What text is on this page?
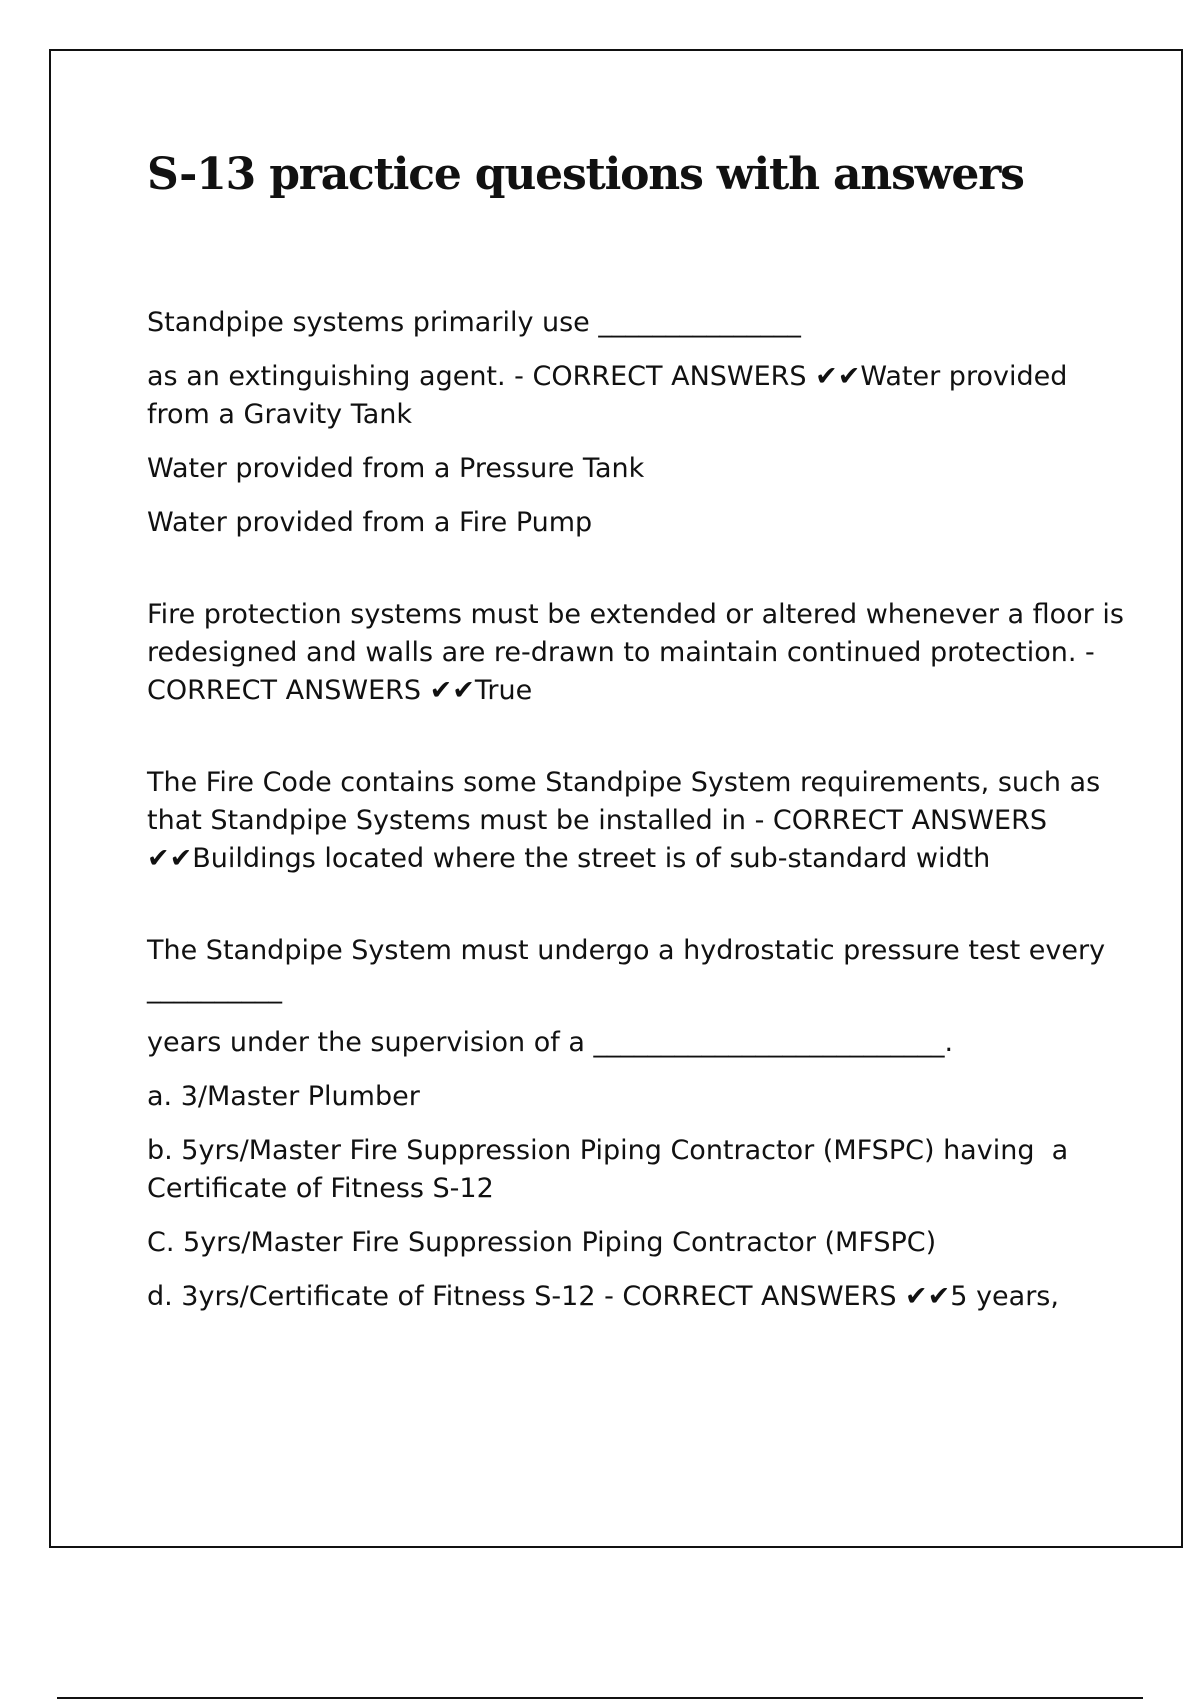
S-13 practice questions with answers

Standpipe systems primarily use _______________

as an extinguishing agent. - CORRECT ANSWERS ✔✔Water provided from a Gravity Tank

Water provided from a Pressure Tank

Water provided from a Fire Pump

Fire protection systems must be extended or altered whenever a floor is redesigned and walls are re-drawn to maintain continued protection. - CORRECT ANSWERS ✔✔True

The Fire Code contains some Standpipe System requirements, such as that Standpipe Systems must be installed in - CORRECT ANSWERS ✔✔Buildings located where the street is of sub-standard width

The Standpipe System must undergo a hydrostatic pressure test every __________

years under the supervision of a __________________________.

a. 3/Master Plumber

b. 5yrs/Master Fire Suppression Piping Contractor (MFSPC) having  a Certificate of Fitness S-12

C. 5yrs/Master Fire Suppression Piping Contractor (MFSPC)

d. 3yrs/Certificate of Fitness S-12 - CORRECT ANSWERS ✔✔5 years,
